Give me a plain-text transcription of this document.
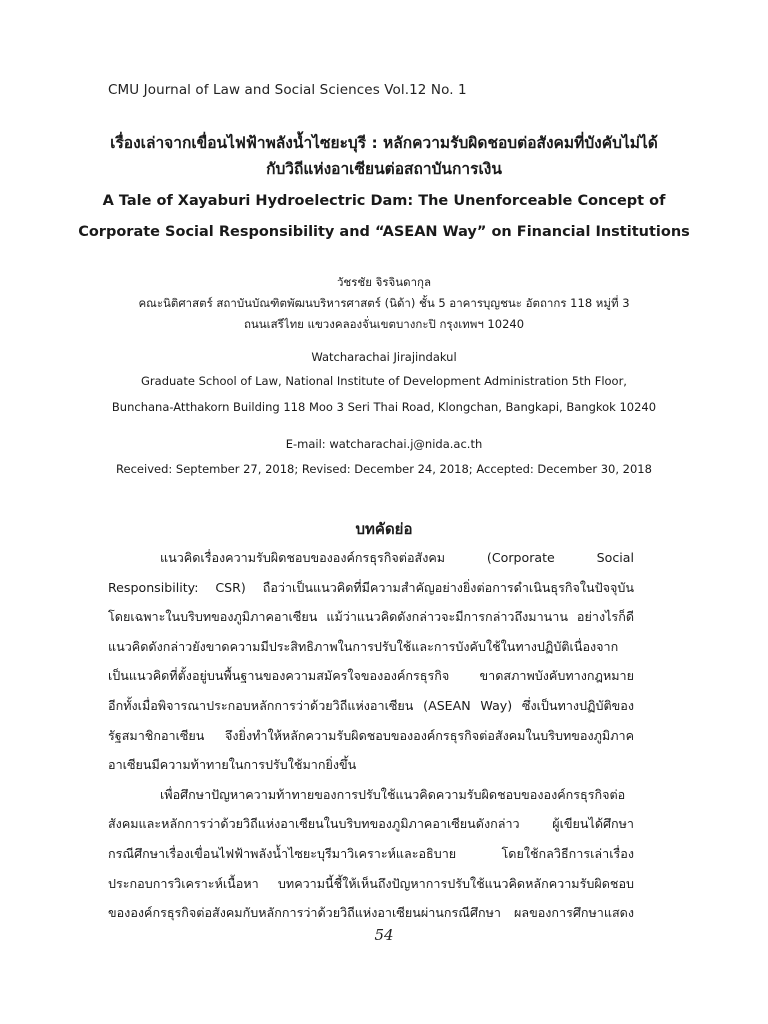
CMU Journal of Law and Social Sciences Vol.12 No. 1

เรื่องเล่าจากเขื่อนไฟฟ้าพลังน้ำไซยะบุรี : หลักความรับผิดชอบต่อสังคมที่บังคับไม่ได้

กับวิถีแห่งอาเซียนต่อสถาบันการเงิน

A Tale of Xayaburi Hydroelectric Dam: The Unenforceable Concept of

Corporate Social Responsibility and “ASEAN Way” on Financial Institutions

วัชรชัย จิรจินดากุล
คณะนิติศาสตร์ สถาบันบัณฑิตพัฒนบริหารศาสตร์ (นิด้า) ชั้น 5 อาคารบุญชนะ อัตถากร 118 หมู่ที่ 3
ถนนเสรีไทย แขวงคลองจั่นเขตบางกะปิ กรุงเทพฯ 10240
Watcharachai Jirajindakul
Graduate School of Law, National Institute of Development Administration 5th Floor,
Bunchana-Atthakorn Building 118 Moo 3 Seri Thai Road, Klongchan, Bangkapi, Bangkok 10240
E-mail: watcharachai.j@nida.ac.th
Received: September 27, 2018; Revised: December 24, 2018; Accepted: December 30, 2018
บทคัดย่อ
แนวคิดเรื่องความรับผิดชอบขององค์กรธุรกิจต่อสังคม (Corporate Social
Responsibility: CSR) ถือว่าเป็นแนวคิดที่มีความสำคัญอย่างยิ่งต่อการดำเนินธุรกิจในปัจจุบัน
โดยเฉพาะในบริบทของภูมิภาคอาเซียน แม้ว่าแนวคิดดังกล่าวจะมีการกล่าวถึงมานาน อย่างไรก็ดี
แนวคิดดังกล่าวยังขาดความมีประสิทธิภาพในการปรับใช้และการบังคับใช้ในทางปฏิบัติเนื่องจาก
เป็นแนวคิดที่ตั้งอยู่บนพื้นฐานของความสมัครใจขององค์กรธุรกิจ ขาดสภาพบังคับทางกฎหมาย
อีกทั้งเมื่อพิจารณาประกอบหลักการว่าด้วยวิถีแห่งอาเซียน (ASEAN Way) ซึ่งเป็นทางปฏิบัติของ
รัฐสมาชิกอาเซียน จึงยิ่งทำให้หลักความรับผิดชอบขององค์กรธุรกิจต่อสังคมในบริบทของภูมิภาค
อาเซียนมีความท้าทายในการปรับใช้มากยิ่งขึ้น
เพื่อศึกษาปัญหาความท้าทายของการปรับใช้แนวคิดความรับผิดชอบขององค์กรธุรกิจต่อ
สังคมและหลักการว่าด้วยวิถีแห่งอาเซียนในบริบทของภูมิภาคอาเซียนดังกล่าว ผู้เขียนได้ศึกษา
กรณีศึกษาเรื่องเขื่อนไฟฟ้าพลังน้ำไซยะบุรีมาวิเคราะห์และอธิบาย โดยใช้กลวิธีการเล่าเรื่อง
ประกอบการวิเคราะห์เนื้อหา บทความนี้ชี้ให้เห็นถึงปัญหาการปรับใช้แนวคิดหลักความรับผิดชอบ
ขององค์กรธุรกิจต่อสังคมกับหลักการว่าด้วยวิถีแห่งอาเซียนผ่านกรณีศึกษา ผลของการศึกษาแสดง
54
